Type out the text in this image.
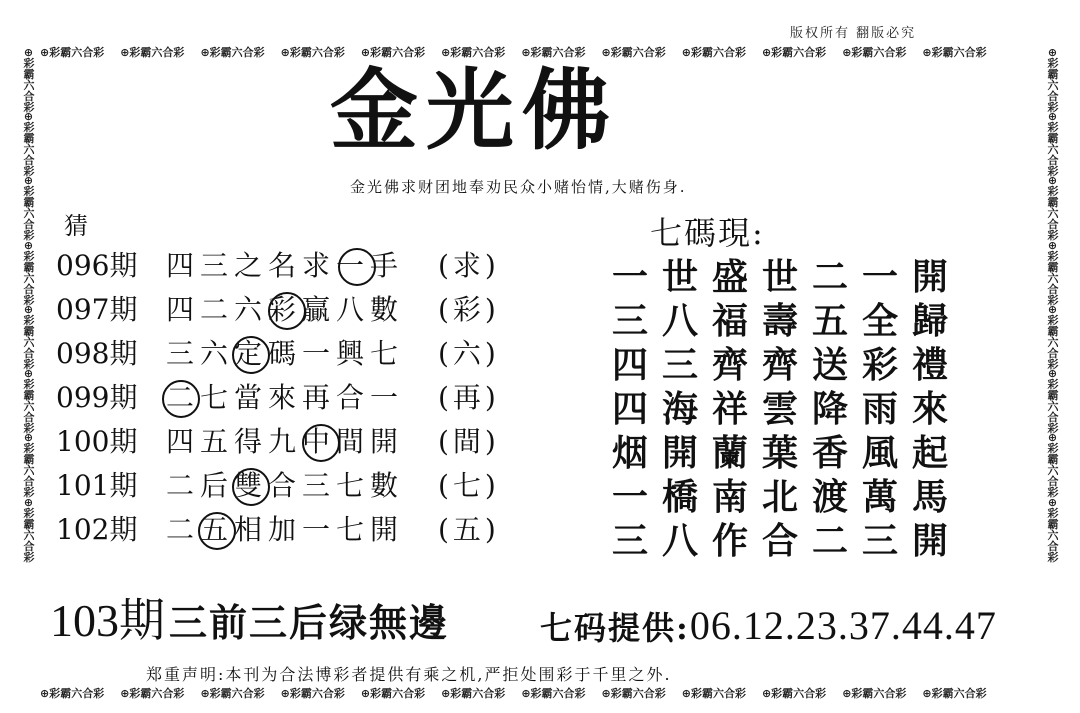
版权所有 翻版必究
⊕彩霸六合彩 ⊕彩霸六合彩 ⊕彩霸六合彩 ⊕彩霸六合彩 ⊕彩霸六合彩 ⊕彩霸六合彩 ⊕彩霸六合彩 ⊕彩霸六合彩 ⊕彩霸六合彩 ⊕彩霸六合彩 ⊕彩霸六合彩 ⊕彩霸六合彩
⊕彩霸六合彩 ⊕彩霸六合彩 ⊕彩霸六合彩 ⊕彩霸六合彩 ⊕彩霸六合彩 ⊕彩霸六合彩 ⊕彩霸六合彩 ⊕彩霸六合彩 ⊕彩霸六合彩 ⊕彩霸六合彩 ⊕彩霸六合彩 ⊕彩霸六合彩
⊕彩霸六合彩⊕彩霸六合彩⊕彩霸六合彩⊕彩霸六合彩⊕彩霸六合彩⊕彩霸六合彩⊕彩霸六合彩⊕彩霸六合彩
⊕彩霸六合彩⊕彩霸六合彩⊕彩霸六合彩⊕彩霸六合彩⊕彩霸六合彩⊕彩霸六合彩⊕彩霸六合彩⊕彩霸六合彩
金光佛
金光佛求财团地奉劝民众小赌怡情,大赌伤身.
猜
096期 四三之名求一手 (求)
097期 四二六彩贏八數 (彩)
098期 三六定碼一興七 (六)
099期 二七當來再合一 (再)
100期 四五得九中間開 (間)
101期 二后雙合三七數 (七)
102期 二五相加一七開 (五)
七碼現:
一世盛世二一開
三八福壽五全歸
四三齊齊送彩禮
四海祥雲降雨來
烟開蘭葉香風起
一橋南北渡萬馬
三八作合二三開
103期 三前三后绿無邊	七码提供:06.12.23.37.44.47
郑重声明:本刊为合法博彩者提供有乘之机,严拒处围彩于千里之外.
